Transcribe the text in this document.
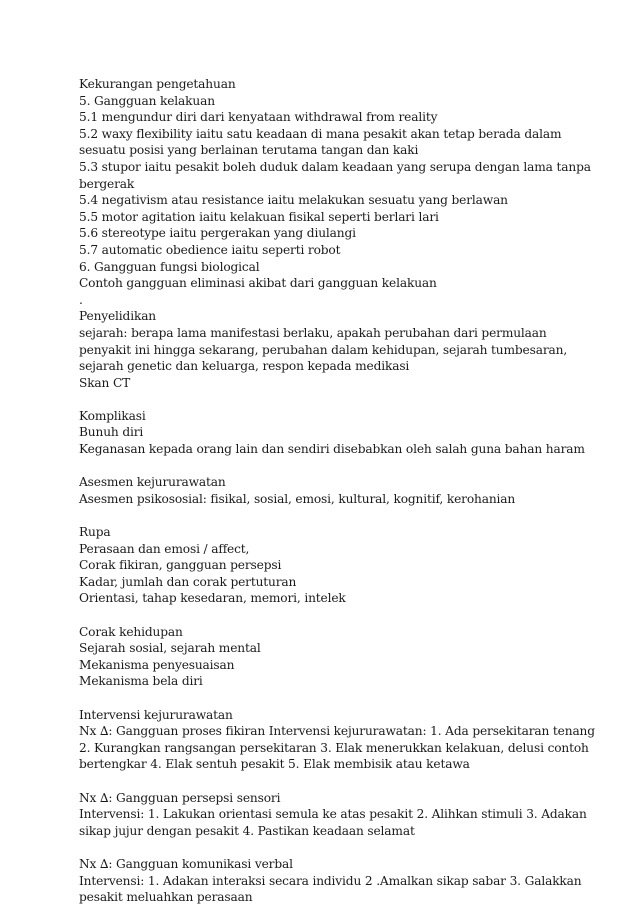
Kekurangan pengetahuan
5. Gangguan kelakuan
5.1 mengundur diri dari kenyataan withdrawal from reality
5.2 waxy flexibility iaitu satu keadaan di mana pesakit akan tetap berada dalam
sesuatu posisi yang berlainan terutama tangan dan kaki
5.3 stupor iaitu pesakit boleh duduk dalam keadaan yang serupa dengan lama tanpa
bergerak
5.4 negativism atau resistance iaitu melakukan sesuatu yang berlawan
5.5 motor agitation iaitu kelakuan fisikal seperti berlari lari
5.6 stereotype iaitu pergerakan yang diulangi
5.7 automatic obedience iaitu seperti robot
6. Gangguan fungsi biological
Contoh gangguan eliminasi akibat dari gangguan kelakuan
.
Penyelidikan
sejarah: berapa lama manifestasi berlaku, apakah perubahan dari permulaan
penyakit ini hingga sekarang, perubahan dalam kehidupan, sejarah tumbesaran,
sejarah genetic dan keluarga, respon kepada medikasi
Skan CT
Komplikasi
Bunuh diri
Keganasan kepada orang lain dan sendiri disebabkan oleh salah guna bahan haram
Asesmen kejururawatan
Asesmen psikososial: fisikal, sosial, emosi, kultural, kognitif, kerohanian
Rupa
Perasaan dan emosi / affect,
Corak fikiran, gangguan persepsi
Kadar, jumlah dan corak pertuturan
Orientasi, tahap kesedaran, memori, intelek
Corak kehidupan
Sejarah sosial, sejarah mental
Mekanisma penyesuaisan
Mekanisma bela diri
Intervensi kejururawatan
Nx ∆: Gangguan proses fikiran Intervensi kejururawatan: 1. Ada persekitaran tenang
2. Kurangkan rangsangan persekitaran 3. Elak menerukkan kelakuan, delusi contoh
bertengkar 4. Elak sentuh pesakit 5. Elak membisik atau ketawa
Nx ∆: Gangguan persepsi sensori
Intervensi: 1. Lakukan orientasi semula ke atas pesakit 2. Alihkan stimuli 3. Adakan
sikap jujur dengan pesakit 4. Pastikan keadaan selamat
Nx ∆: Gangguan komunikasi verbal
Intervensi: 1. Adakan interaksi secara individu 2 .Amalkan sikap sabar 3. Galakkan
pesakit meluahkan perasaan
